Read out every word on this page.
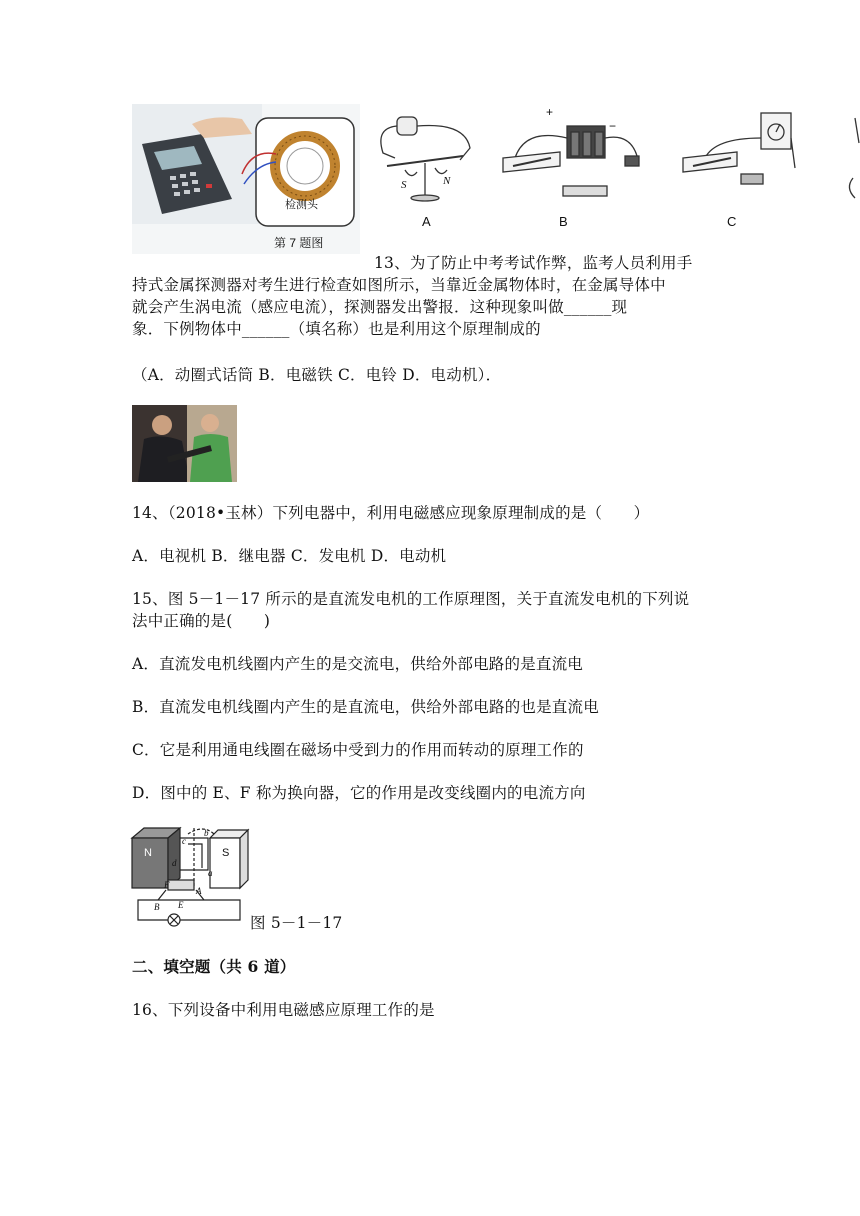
检测头
第 7 题图
+
−
S	N
A	B	C
13、为了防止中考考试作弊，监考人员利用手
持式金属探测器对考生进行检查如图所示，当靠近金属物体时，在金属导体中
就会产生涡电流（感应电流），探测器发出警报．这种现象叫做______现
象．下例物体中______（填名称）也是利用这个原理制成的
（A．动圈式话筒 B．电磁铁 C．电铃 D．电动机）．
14、（2018•玉林）下列电器中，利用电磁感应现象原理制成的是（　　）
A．电视机 B．继电器 C．发电机 D．电动机
15、图 5－1－17 所示的是直流发电机的工作原理图，关于直流发电机的下列说
法中正确的是(　　)
A．直流发电机线圈内产生的是交流电，供给外部电路的是直流电
B．直流发电机线圈内产生的是直流电，供给外部电路的也是直流电
C．它是利用通电线圈在磁场中受到力的作用而转动的原理工作的
D．图中的 E、F 称为换向器，它的作用是改变线圈内的电流方向
N	S
c
b
d
a
F
E
A
B
图 5－1－17
二、填空题（共 6 道）
16、下列设备中利用电磁感应原理工作的是
